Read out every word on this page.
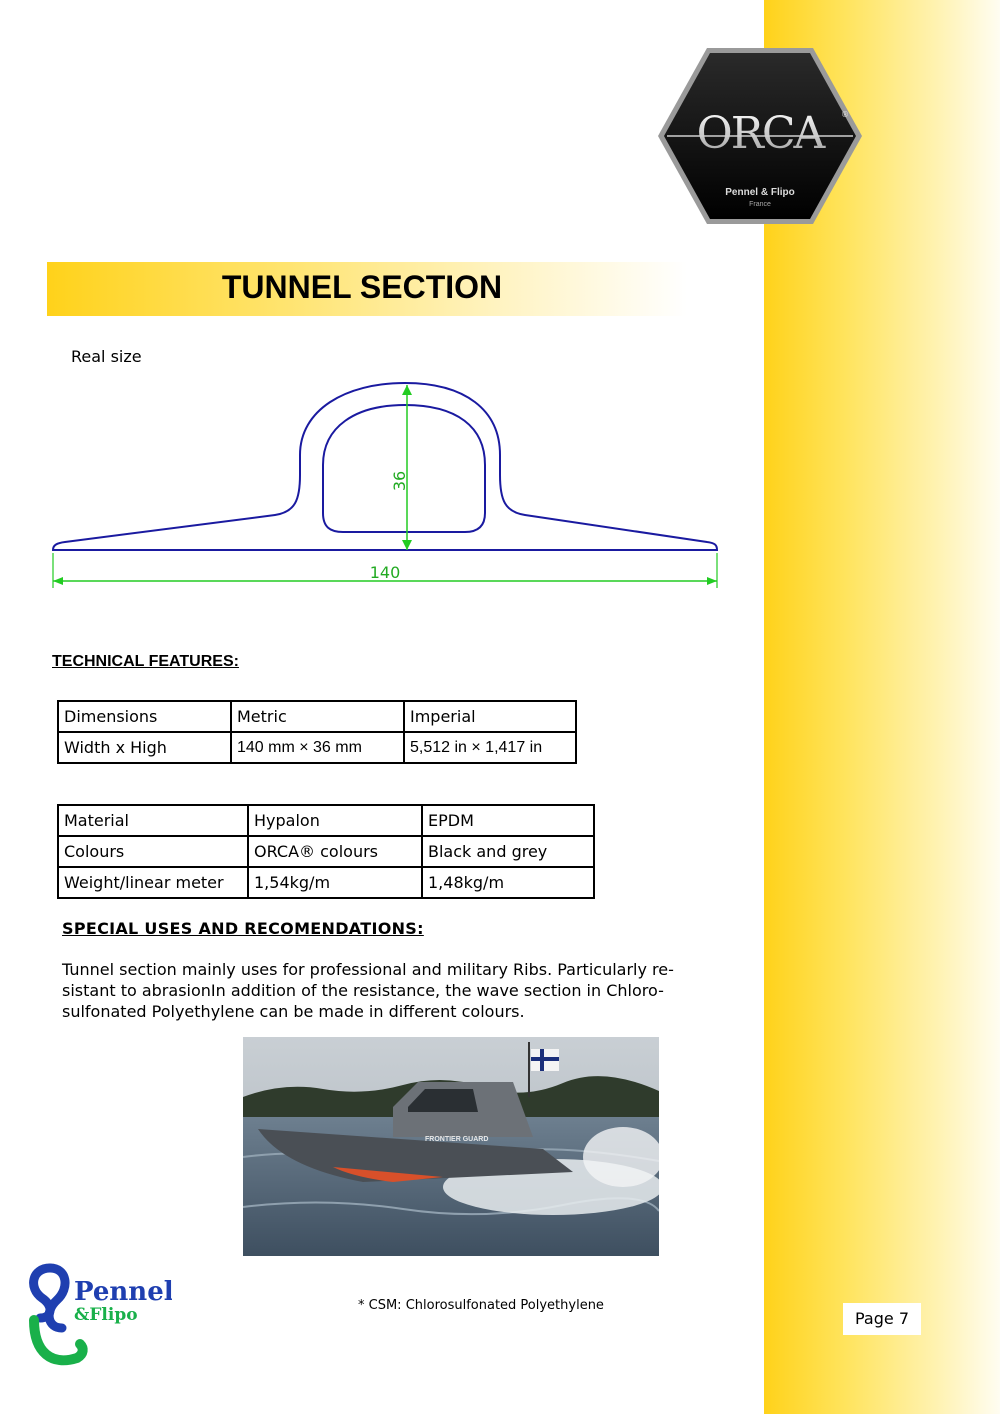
ORCA	®
Pennel & Flipo
France
TUNNEL SECTION
Real size
36
140
TECHNICAL FEATURES:
Dimensions	Metric	Imperial
Width x High	140 mm × 36 mm	5,512 in × 1,417 in
Material	Hypalon	EPDM
Colours	ORCA® colours	Black and grey
Weight/linear meter	1,54kg/m	1,48kg/m
SPECIAL USES AND RECOMENDATIONS:
Tunnel section mainly uses for professional and military Ribs. Particularly re-
sistant to abrasionIn addition of the resistance, the wave section in Chloro-
sulfonated Polyethylene can be made in different colours.
FRONTIER GUARD
* CSM: Chlorosulfonated Polyethylene
Page 7
Pennel
&Flipo
